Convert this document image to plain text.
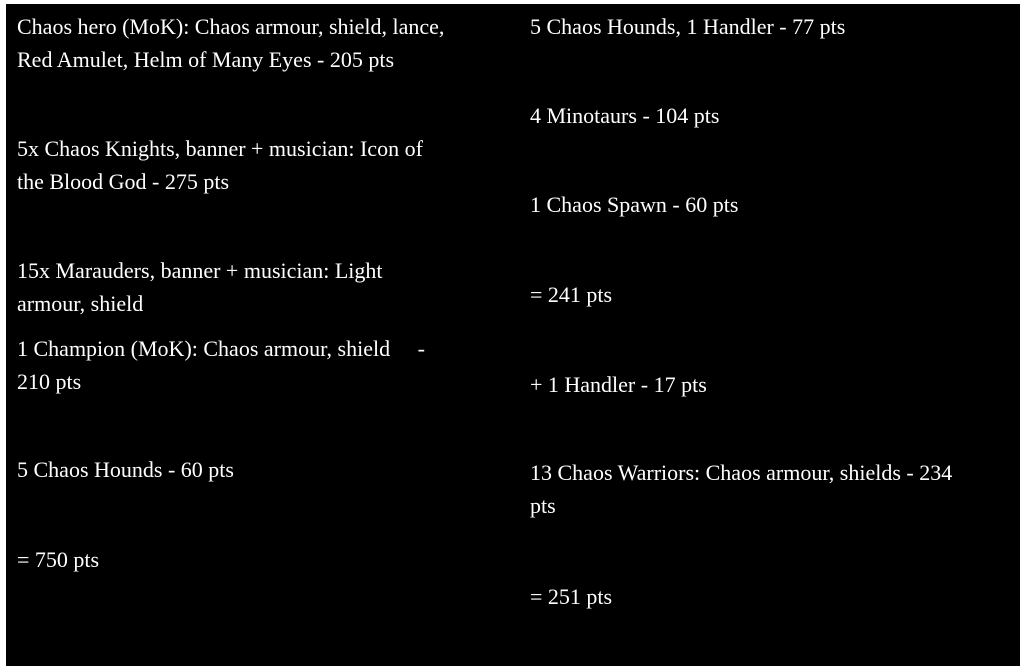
Chaos hero (MoK): Chaos armour, shield, lance,
Red Amulet, Helm of Many Eyes - 205 pts

5x Chaos Knights, banner + musician: Icon of
the Blood God - 275 pts

15x Marauders, banner + musician: Light
armour, shield

1 Champion (MoK): Chaos armour, shield     -
210 pts

5 Chaos Hounds - 60 pts

= 750 pts

5 Chaos Hounds, 1 Handler - 77 pts

4 Minotaurs - 104 pts

1 Chaos Spawn - 60 pts

= 241 pts

+ 1 Handler - 17 pts

13 Chaos Warriors: Chaos armour, shields - 234
pts

= 251 pts
